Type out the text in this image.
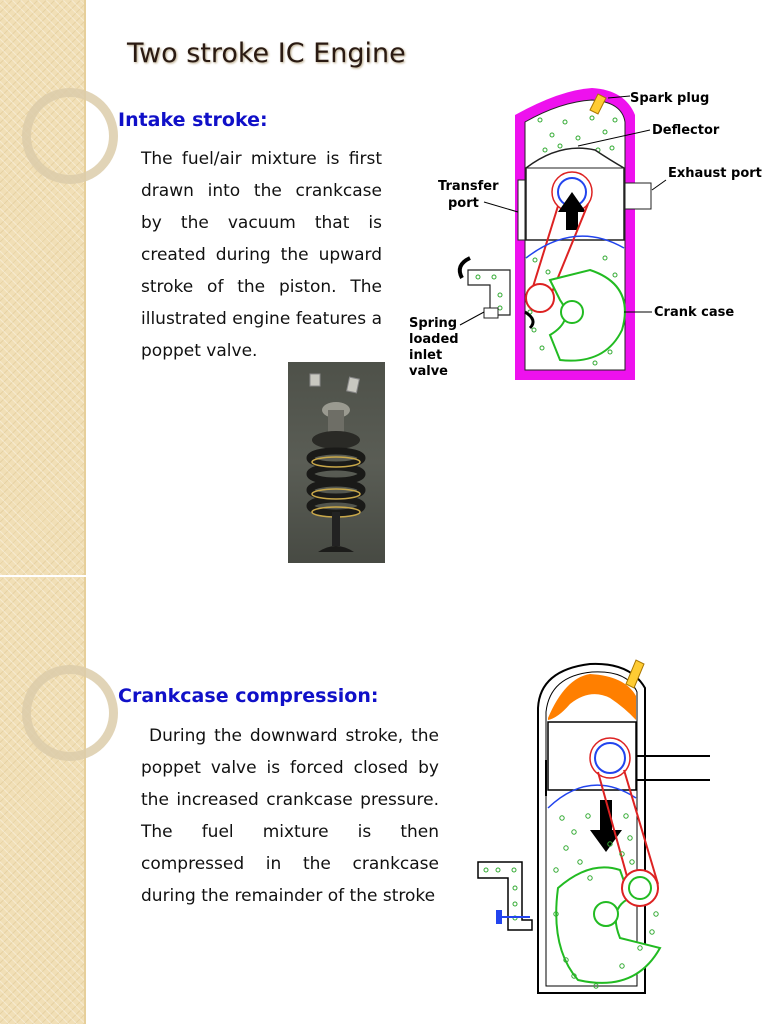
Two stroke IC Engine
Intake stroke:

The fuel/air mixture is first drawn into the crankcase by the vacuum that is created during the upward stroke of the piston. The illustrated engine features a poppet valve.

Spark plug
Deflector
Exhaust port
Transfer
port
Crank case
Spring
loaded
inlet
valve
Crankcase compression:

During the downward stroke, the poppet valve is forced closed by the increased crankcase pressure. The fuel mixture is then compressed in the crankcase during the remainder of the stroke
